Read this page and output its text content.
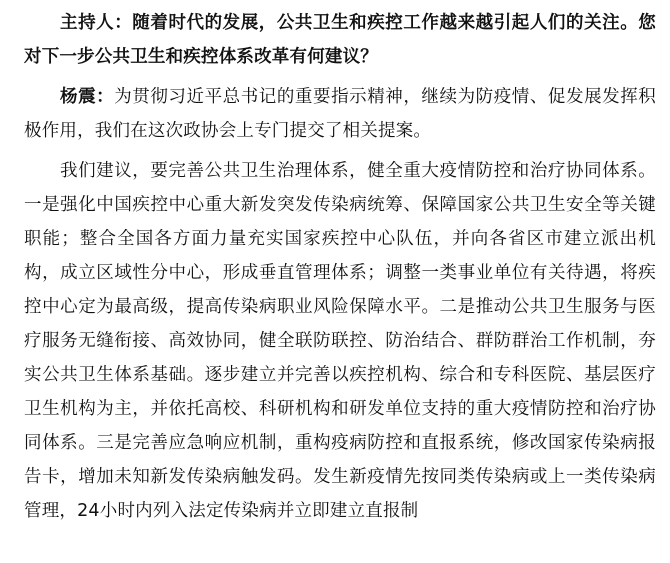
主持人：随着时代的发展，公共卫生和疾控工作越来越引起人们的关注。您对下一步公共卫生和疾控体系改革有何建议？

杨震：为贯彻习近平总书记的重要指示精神，继续为防疫情、促发展发挥积极作用，我们在这次政协会上专门提交了相关提案。

我们建议，要完善公共卫生治理体系，健全重大疫情防控和治疗协同体系。一是强化中国疾控中心重大新发突发传染病统筹、保障国家公共卫生安全等关键职能；整合全国各方面力量充实国家疾控中心队伍，并向各省区市建立派出机构，成立区域性分中心，形成垂直管理体系；调整一类事业单位有关待遇，将疾控中心定为最高级，提高传染病职业风险保障水平。二是推动公共卫生服务与医疗服务无缝衔接、高效协同，健全联防联控、防治结合、群防群治工作机制，夯实公共卫生体系基础。逐步建立并完善以疾控机构、综合和专科医院、基层医疗卫生机构为主，并依托高校、科研机构和研发单位支持的重大疫情防控和治疗协同体系。三是完善应急响应机制，重构疫病防控和直报系统，修改国家传染病报告卡，增加未知新发传染病触发码。发生新疫情先按同类传染病或上一类传染病管理，24小时内列入法定传染病并立即建立直报制
